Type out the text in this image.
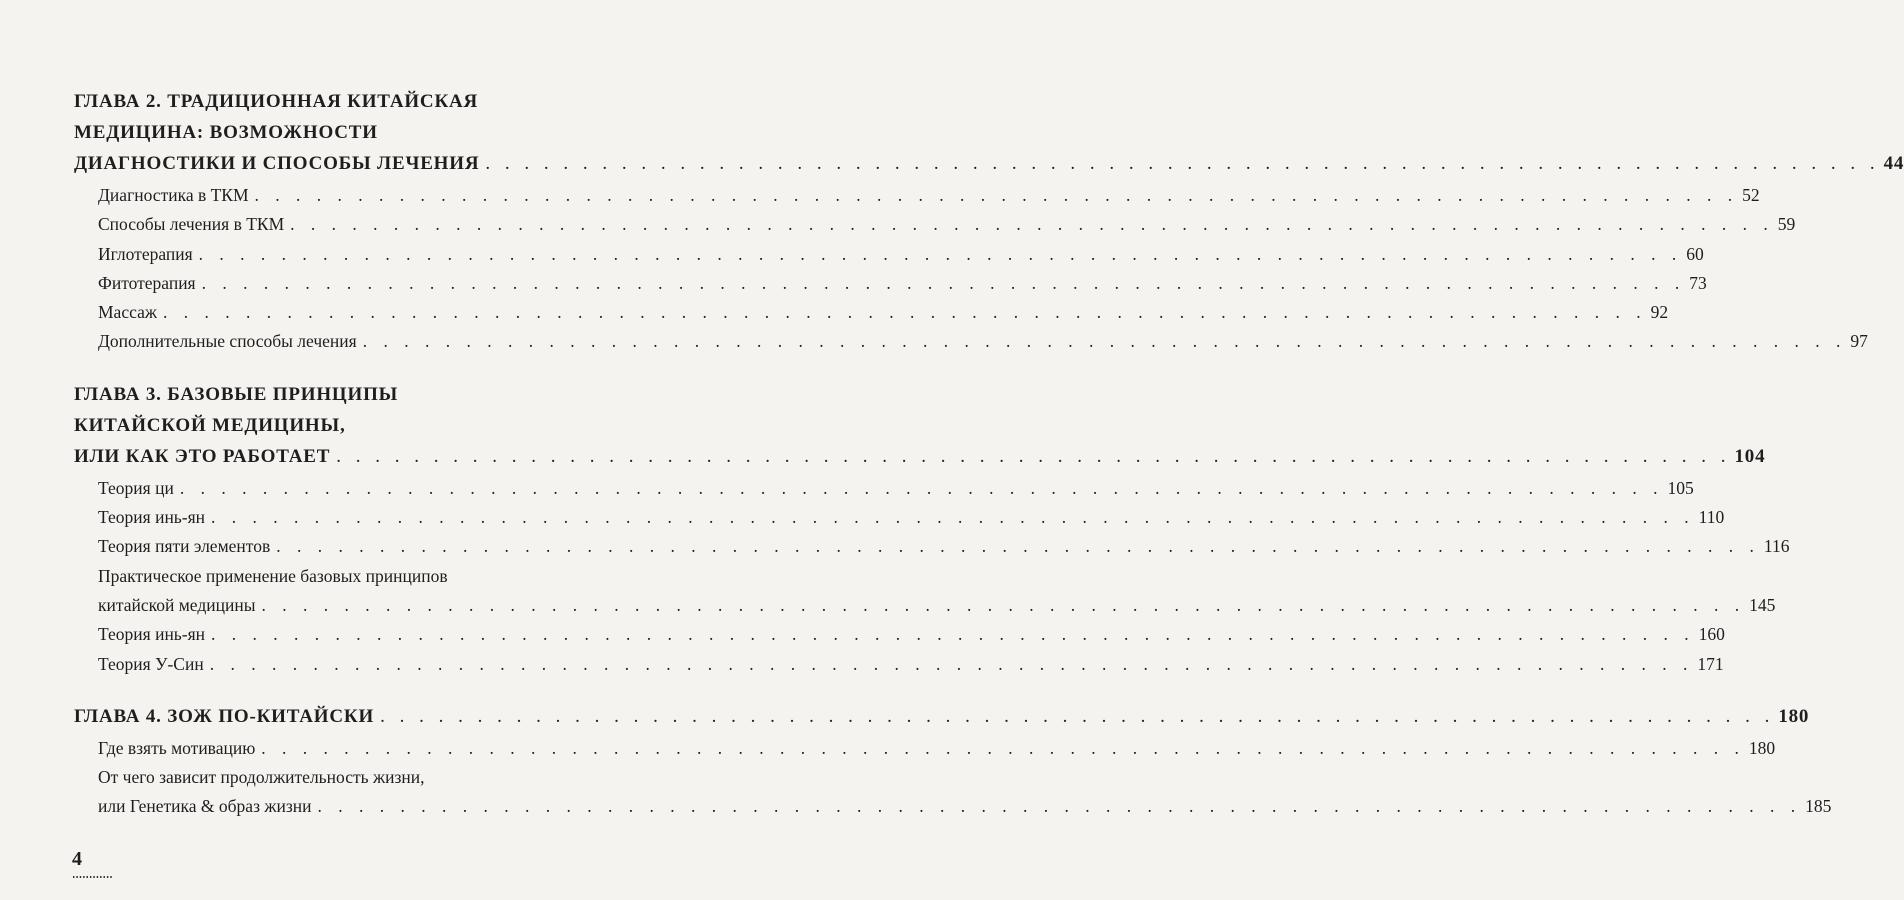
ГЛАВА 2. ТРАДИЦИОННАЯ КИТАЙСКАЯ
МЕДИЦИНА: ВОЗМОЖНОСТИ
ДИАГНОСТИКИ И СПОСОБЫ ЛЕЧЕНИЯ . . . . . . . . . . . . . . . . . . . . . . . . . . . . . . . . . . . . . . . . . . . . . . . . . . . . . . . . . . . . . . . . . . . . . . . . 44
Диагностика в ТКМ . . . . . . . . . . . . . . . . . . . . . . . . . . . . . . . . . . . . . . . . . . . . . . . . . . . . . . . . . . . . . . . . . . . . . . . . 52
Способы лечения в ТКМ . . . . . . . . . . . . . . . . . . . . . . . . . . . . . . . . . . . . . . . . . . . . . . . . . . . . . . . . . . . . . . . . . . . . . . . . 59
Иглотерапия . . . . . . . . . . . . . . . . . . . . . . . . . . . . . . . . . . . . . . . . . . . . . . . . . . . . . . . . . . . . . . . . . . . . . . . . 60
Фитотерапия . . . . . . . . . . . . . . . . . . . . . . . . . . . . . . . . . . . . . . . . . . . . . . . . . . . . . . . . . . . . . . . . . . . . . . . . 73
Массаж . . . . . . . . . . . . . . . . . . . . . . . . . . . . . . . . . . . . . . . . . . . . . . . . . . . . . . . . . . . . . . . . . . . . . . . . 92
Дополнительные способы лечения . . . . . . . . . . . . . . . . . . . . . . . . . . . . . . . . . . . . . . . . . . . . . . . . . . . . . . . . . . . . . . . . . . . . . . . . 97
ГЛАВА 3. БАЗОВЫЕ ПРИНЦИПЫ
КИТАЙСКОЙ МЕДИЦИНЫ,
ИЛИ КАК ЭТО РАБОТАЕТ . . . . . . . . . . . . . . . . . . . . . . . . . . . . . . . . . . . . . . . . . . . . . . . . . . . . . . . . . . . . . . . . . . . . . . . . 104
Теория ци . . . . . . . . . . . . . . . . . . . . . . . . . . . . . . . . . . . . . . . . . . . . . . . . . . . . . . . . . . . . . . . . . . . . . . . . 105
Теория инь-ян . . . . . . . . . . . . . . . . . . . . . . . . . . . . . . . . . . . . . . . . . . . . . . . . . . . . . . . . . . . . . . . . . . . . . . . . 110
Теория пяти элементов . . . . . . . . . . . . . . . . . . . . . . . . . . . . . . . . . . . . . . . . . . . . . . . . . . . . . . . . . . . . . . . . . . . . . . . . 116
Практическое применение базовых принципов
китайской медицины . . . . . . . . . . . . . . . . . . . . . . . . . . . . . . . . . . . . . . . . . . . . . . . . . . . . . . . . . . . . . . . . . . . . . . . . 145
Теория инь-ян . . . . . . . . . . . . . . . . . . . . . . . . . . . . . . . . . . . . . . . . . . . . . . . . . . . . . . . . . . . . . . . . . . . . . . . . 160
Теория У-Син . . . . . . . . . . . . . . . . . . . . . . . . . . . . . . . . . . . . . . . . . . . . . . . . . . . . . . . . . . . . . . . . . . . . . . . . 171
ГЛАВА 4. ЗОЖ ПО-КИТАЙСКИ . . . . . . . . . . . . . . . . . . . . . . . . . . . . . . . . . . . . . . . . . . . . . . . . . . . . . . . . . . . . . . . . . . . . . . . . 180
Где взять мотивацию . . . . . . . . . . . . . . . . . . . . . . . . . . . . . . . . . . . . . . . . . . . . . . . . . . . . . . . . . . . . . . . . . . . . . . . . 180
От чего зависит продолжительность жизни,
или Генетика & образ жизни . . . . . . . . . . . . . . . . . . . . . . . . . . . . . . . . . . . . . . . . . . . . . . . . . . . . . . . . . . . . . . . . . . . . . . . . 185
4
